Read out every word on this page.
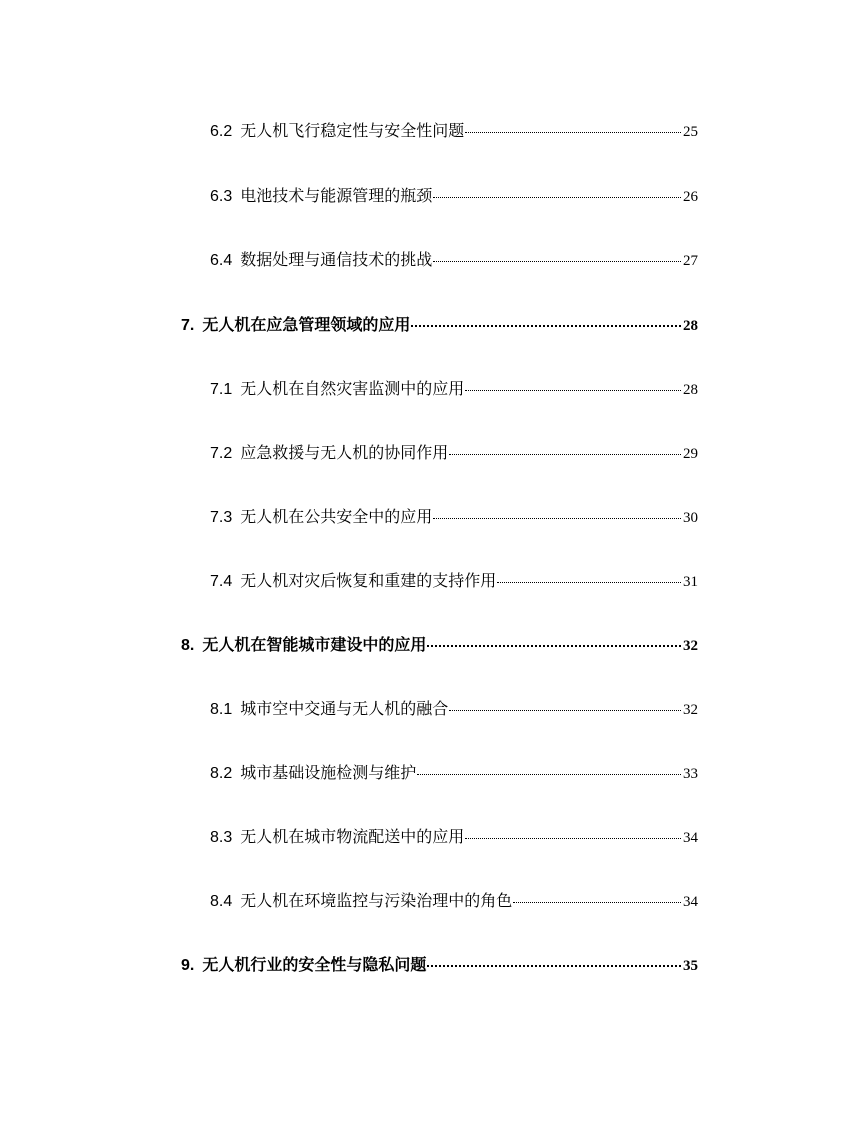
6.2 无人机飞行稳定性与安全性问题	25
6.3 电池技术与能源管理的瓶颈	26
6.4 数据处理与通信技术的挑战	27
7. 无人机在应急管理领域的应用	28
7.1 无人机在自然灾害监测中的应用	28
7.2 应急救援与无人机的协同作用	29
7.3 无人机在公共安全中的应用	30
7.4 无人机对灾后恢复和重建的支持作用	31
8. 无人机在智能城市建设中的应用	32
8.1 城市空中交通与无人机的融合	32
8.2 城市基础设施检测与维护	33
8.3 无人机在城市物流配送中的应用	34
8.4 无人机在环境监控与污染治理中的角色	34
9. 无人机行业的安全性与隐私问题	35
